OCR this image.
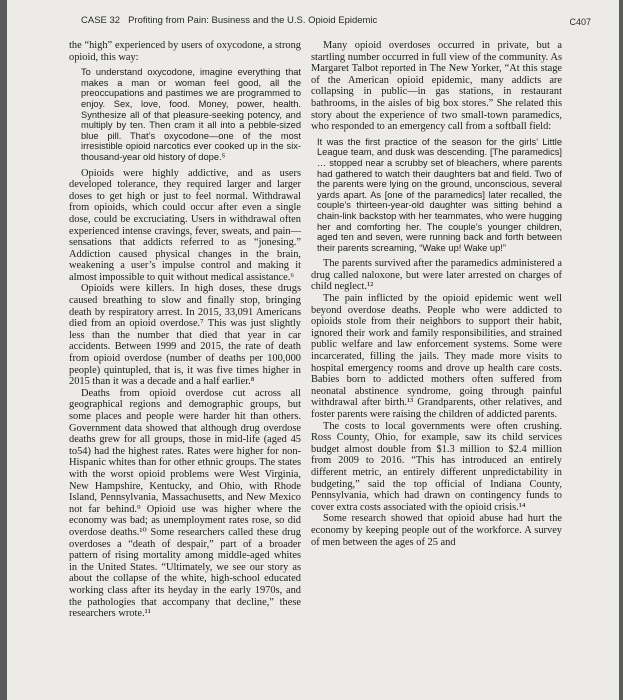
CASE 32 Profiting from Pain: Business and the U.S. Opioid Epidemic	C407

the “high” experienced by users of oxycodone, a strong opioid, this way:

To understand oxycodone, imagine everything that makes a man or woman feel good, all the preoccupations and pastimes we are programmed to enjoy. Sex, love, food. Money, power, health. Synthesize all of that pleasure-seeking potency, and multiply by ten. Then cram it all into a pebble-sized blue pill. That’s oxycodone—one of the most irresistible opioid narcotics ever cooked up in the six-thousand-year old history of dope.⁵

Opioids were highly addictive, and as users developed tolerance, they required larger and larger doses to get high or just to feel normal. Withdrawal from opioids, which could occur after even a single dose, could be excruciating. Users in withdrawal often experienced intense cravings, fever, sweats, and pain—sensations that addicts referred to as “jonesing.” Addiction caused physical changes in the brain, weakening a user’s impulse control and making it almost impossible to quit without medical assistance.⁶

Opioids were killers. In high doses, these drugs caused breathing to slow and finally stop, bringing death by respiratory arrest. In 2015, 33,091 Americans died from an opioid overdose.⁷ This was just slightly less than the number that died that year in car accidents. Between 1999 and 2015, the rate of death from opioid overdose (number of deaths per 100,000 people) quintupled, that is, it was five times higher in 2015 than it was a decade and a half earlier.⁸

Deaths from opioid overdose cut across all geographical regions and demographic groups, but some places and people were harder hit than others. Government data showed that although drug overdose deaths grew for all groups, those in mid-life (aged 45 to54) had the highest rates. Rates were higher for non-Hispanic whites than for other ethnic groups. The states with the worst opioid problems were West Virginia, New Hampshire, Kentucky, and Ohio, with Rhode Island, Pennsylvania, Massachusetts, and New Mexico not far behind.⁹ Opioid use was higher where the economy was bad; as unemployment rates rose, so did overdose deaths.¹⁰ Some researchers called these drug overdoses a “death of despair,” part of a broader pattern of rising mortality among middle-aged whites in the United States. “Ultimately, we see our story as about the collapse of the white, high-school educated working class after its heyday in the early 1970s, and the pathologies that accompany that decline,” these researchers wrote.¹¹

Many opioid overdoses occurred in private, but a startling number occurred in full view of the community. As Margaret Talbot reported in The New Yorker, “At this stage of the American opioid epidemic, many addicts are collapsing in public—in gas stations, in restaurant bathrooms, in the aisles of big box stores.” She related this story about the experience of two small-town paramedics, who responded to an emergency call from a softball field:

It was the first practice of the season for the girls’ Little League team, and dusk was descending. [The paramedics] … stopped near a scrubby set of bleachers, where parents had gathered to watch their daughters bat and field. Two of the parents were lying on the ground, unconscious, several yards apart. As [one of the paramedics] later recalled, the couple’s thirteen-year-old daughter was sitting behind a chain-link backstop with her teammates, who were hugging her and comforting her. The couple’s younger children, aged ten and seven, were running back and forth between their parents screaming, “Wake up! Wake up!”

The parents survived after the paramedics administered a drug called naloxone, but were later arrested on charges of child neglect.¹²

The pain inflicted by the opioid epidemic went well beyond overdose deaths. People who were addicted to opioids stole from their neighbors to support their habit, ignored their work and family responsibilities, and strained public welfare and law enforcement systems. Some were incarcerated, filling the jails. They made more visits to hospital emergency rooms and drove up health care costs. Babies born to addicted mothers often suffered from neonatal abstinence syndrome, going through painful withdrawal after birth.¹³ Grandparents, other relatives, and foster parents were raising the children of addicted parents.

The costs to local governments were often crushing. Ross County, Ohio, for example, saw its child services budget almost double from $1.3 million to $2.4 million from 2009 to 2016. “This has introduced an entirely different metric, an entirely different unpredictability in budgeting,” said the top official of Indiana County, Pennsylvania, which had drawn on contingency funds to cover extra costs associated with the opioid crisis.¹⁴

Some research showed that opioid abuse had hurt the economy by keeping people out of the workforce. A survey of men between the ages of 25 and
